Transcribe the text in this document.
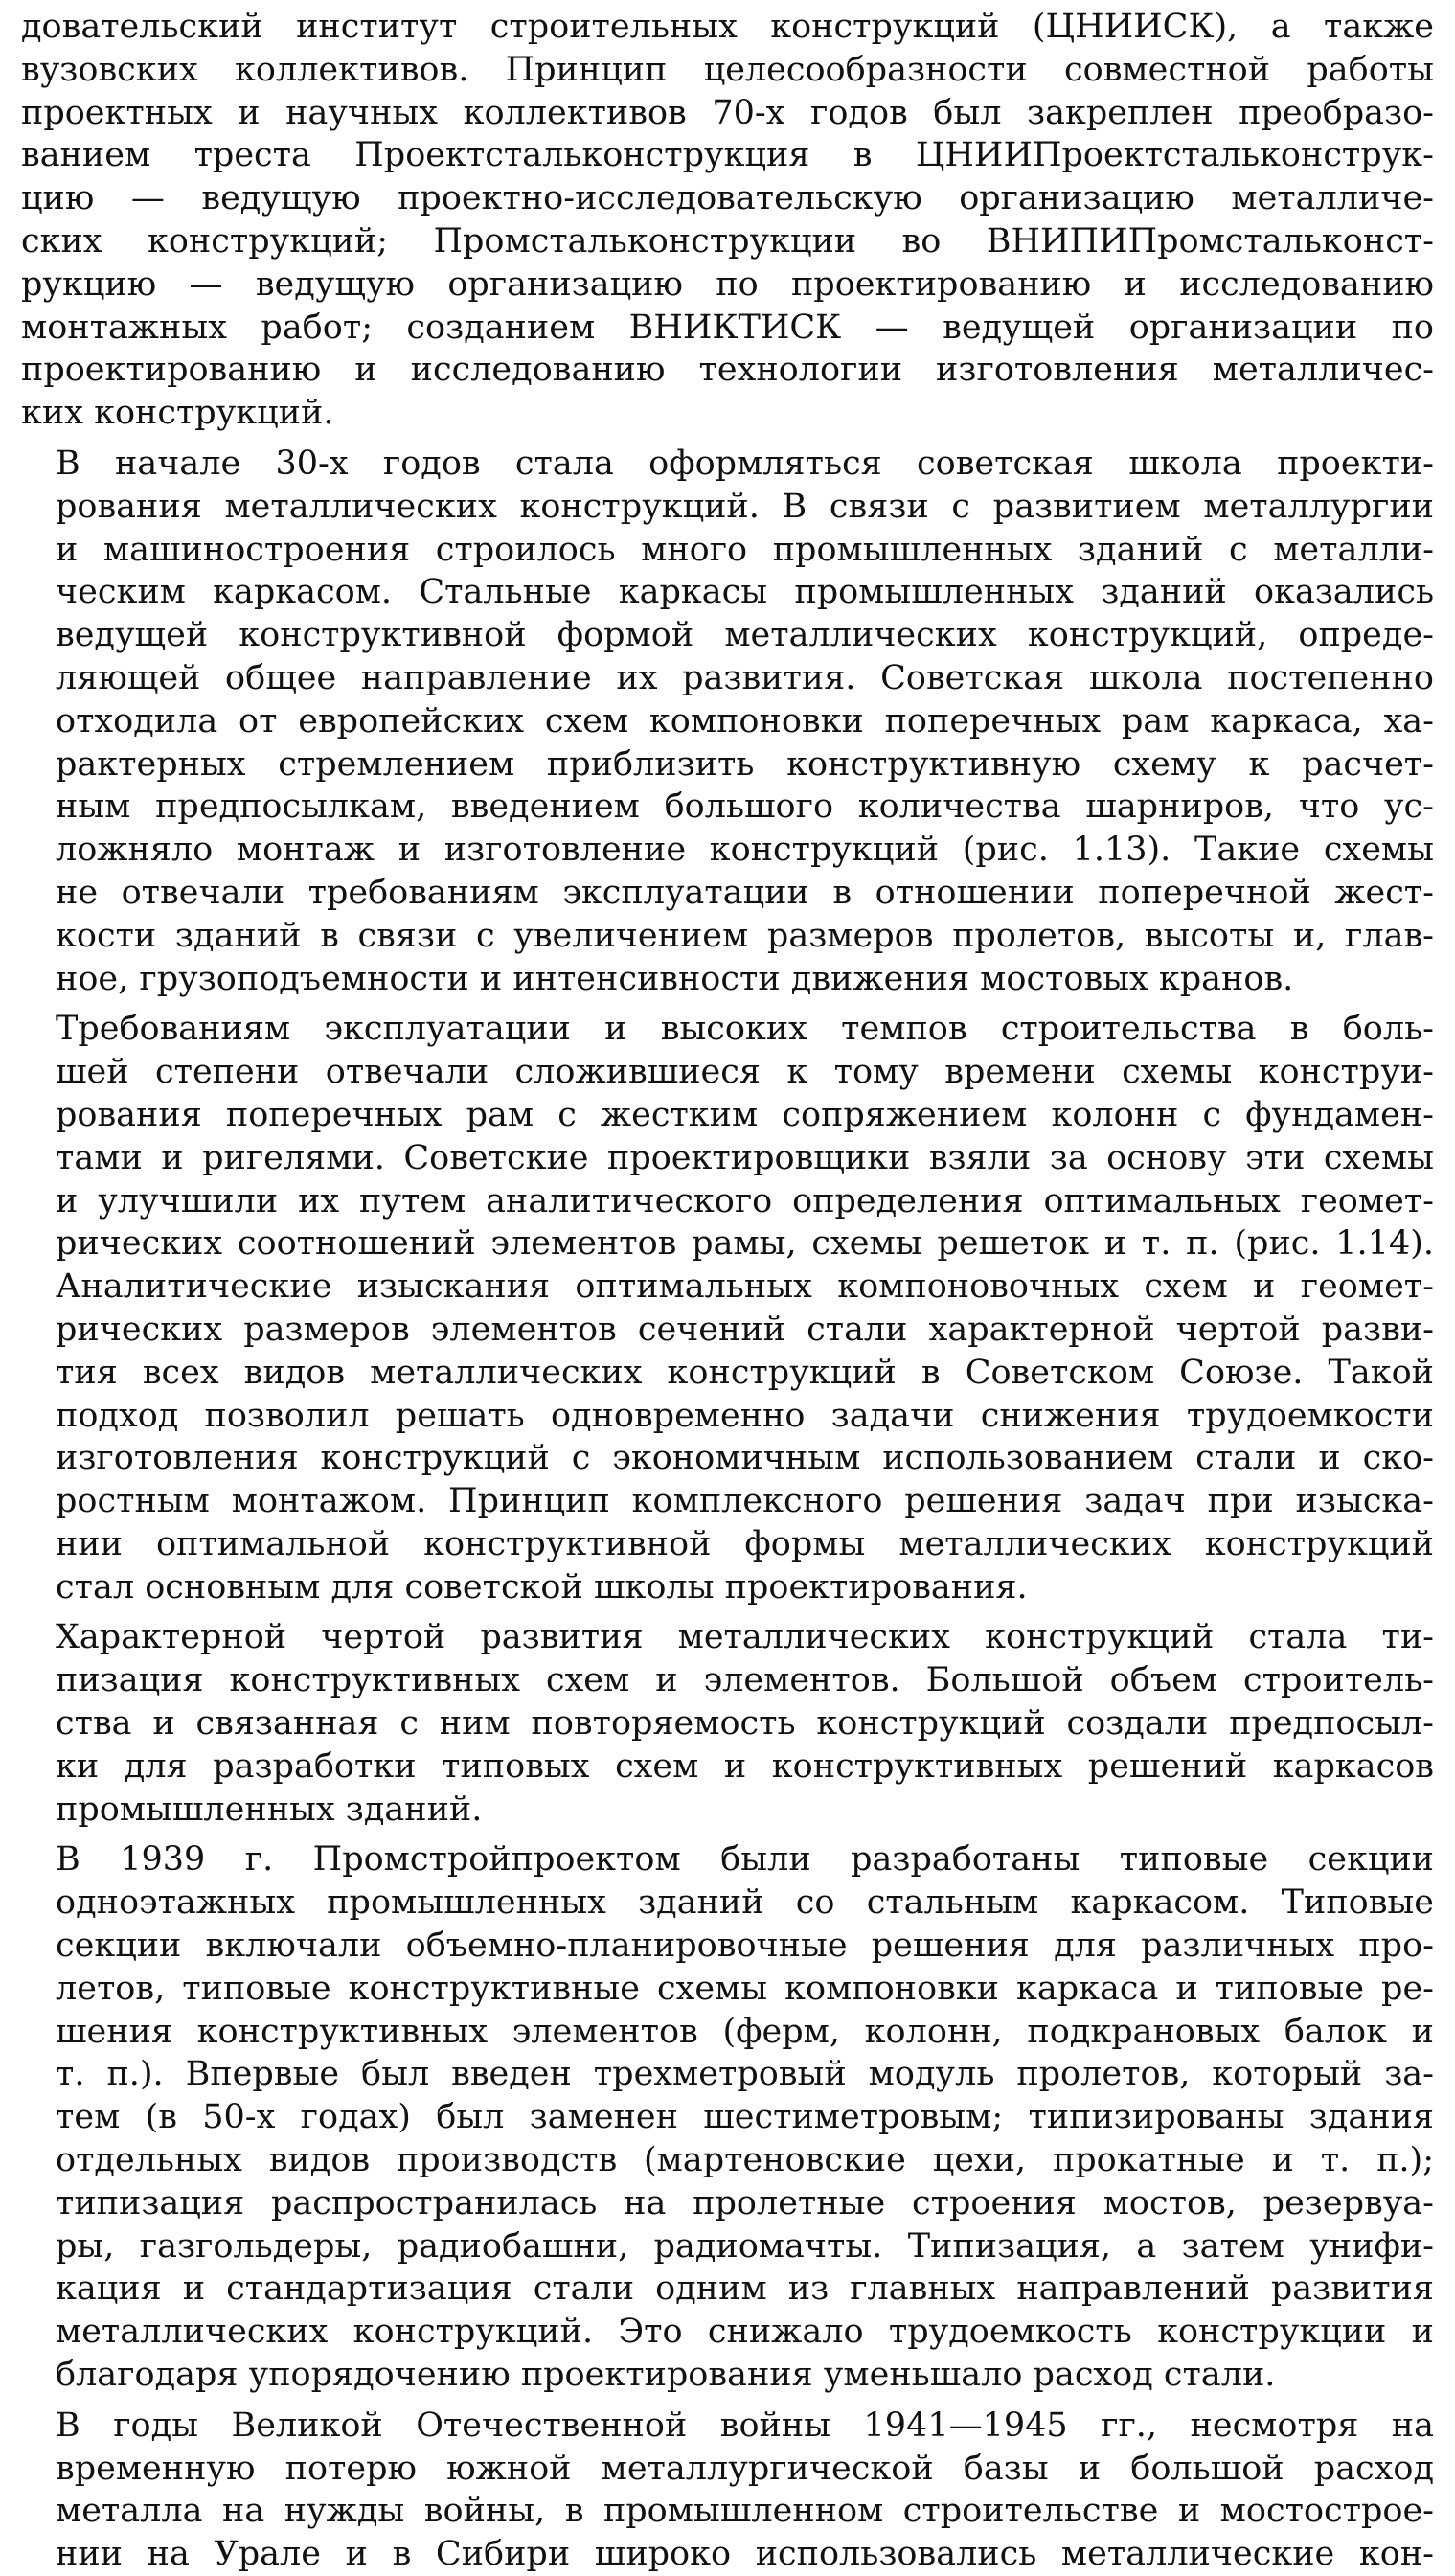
довательский институт строительных конструкций (ЦНИИСК), а также
вузовских коллективов. Принцип целесообразности совместной работы
проектных и научных коллективов 70-х годов был закреплен преобразо-
ванием треста Проектстальконструкция в ЦНИИПроектстальконструк-
цию — ведущую проектно-исследовательскую организацию металличе-
ских конструкций; Промстальконструкции во ВНИПИПромстальконст-
рукцию — ведущую организацию по проектированию и исследованию
монтажных работ; созданием ВНИКТИСК — ведущей организации по
проектированию и исследованию технологии изготовления металличес-
ких конструкций.

В начале 30-х годов стала оформляться советская школа проекти-
рования металлических конструкций. В связи с развитием металлургии
и машиностроения строилось много промышленных зданий с металли-
ческим каркасом. Стальные каркасы промышленных зданий оказались
ведущей конструктивной формой металлических конструкций, опреде-
ляющей общее направление их развития. Советская школа постепенно
отходила от европейских схем компоновки поперечных рам каркаса, ха-
рактерных стремлением приблизить конструктивную схему к расчет-
ным предпосылкам, введением большого количества шарниров, что ус-
ложняло монтаж и изготовление конструкций (рис. 1.13). Такие схемы
не отвечали требованиям эксплуатации в отношении поперечной жест-
кости зданий в связи с увеличением размеров пролетов, высоты и, глав-
ное, грузоподъемности и интенсивности движения мостовых кранов.

Требованиям эксплуатации и высоких темпов строительства в боль-
шей степени отвечали сложившиеся к тому времени схемы конструи-
рования поперечных рам с жестким сопряжением колонн с фундамен-
тами и ригелями. Советские проектировщики взяли за основу эти схемы
и улучшили их путем аналитического определения оптимальных геомет-
рических соотношений элементов рамы, схемы решеток и т. п. (рис. 1.14).
Аналитические изыскания оптимальных компоновочных схем и геомет-
рических размеров элементов сечений стали характерной чертой разви-
тия всех видов металлических конструкций в Советском Союзе. Такой
подход позволил решать одновременно задачи снижения трудоемкости
изготовления конструкций с экономичным использованием стали и ско-
ростным монтажом. Принцип комплексного решения задач при изыска-
нии оптимальной конструктивной формы металлических конструкций
стал основным для советской школы проектирования.

Характерной чертой развития металлических конструкций стала ти-
пизация конструктивных схем и элементов. Большой объем строитель-
ства и связанная с ним повторяемость конструкций создали предпосыл-
ки для разработки типовых схем и конструктивных решений каркасов
промышленных зданий.

В 1939 г. Промстройпроектом были разработаны типовые секции
одноэтажных промышленных зданий со стальным каркасом. Типовые
секции включали объемно-планировочные решения для различных про-
летов, типовые конструктивные схемы компоновки каркаса и типовые ре-
шения конструктивных элементов (ферм, колонн, подкрановых балок и
т. п.). Впервые был введен трехметровый модуль пролетов, который за-
тем (в 50-х годах) был заменен шестиметровым; типизированы здания
отдельных видов производств (мартеновские цехи, прокатные и т. п.);
типизация распространилась на пролетные строения мостов, резервуа-
ры, газгольдеры, радиобашни, радиомачты. Типизация, а затем унифи-
кация и стандартизация стали одним из главных направлений развития
металлических конструкций. Это снижало трудоемкость конструкции и
благодаря упорядочению проектирования уменьшало расход стали.

В годы Великой Отечественной войны 1941—1945 гг., несмотря на
временную потерю южной металлургической базы и большой расход
металла на нужды войны, в промышленном строительстве и мостострое-
нии на Урале и в Сибири широко использовались металлические кон-
